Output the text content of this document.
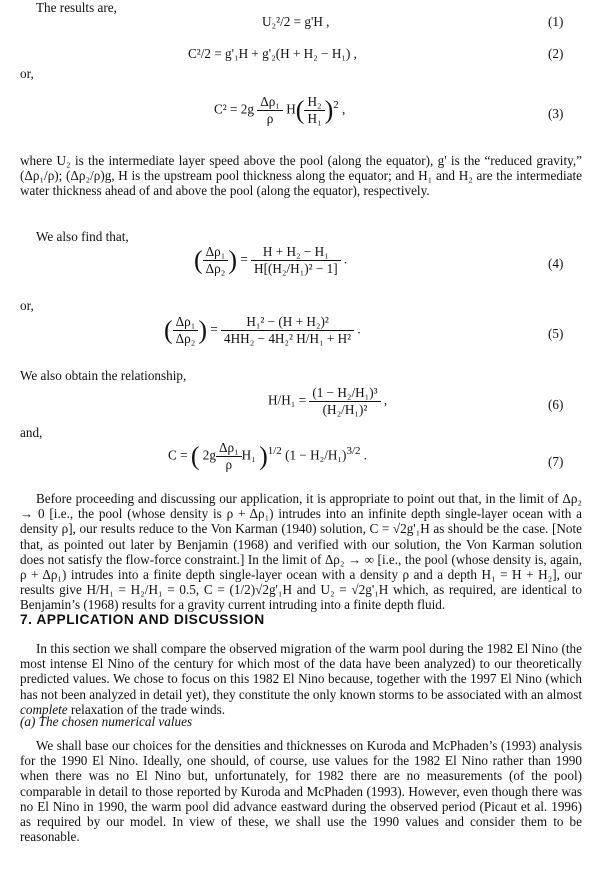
The results are,
U₂²/2 = g'H ,	(1)
C²/2 = g'₁H + g'₂(H + H₂ − H₁) ,	(2)
or,
$C^2 = 2g \frac{\text{Δρ₁}}{\rho} H( \frac{\text{H₂}}{\text{H₁}} )^2$ ,	(3)
where U₂ is the intermediate layer speed above the pool (along the equator), g' is the “reduced gravity,” (Δρ₁/ρ); (Δρ₂/ρ)g, H is the upstream pool thickness along the equator; and H₁ and H₂ are the intermediate water thickness ahead of and above the pool (along the equator), respectively.
We also find that,
( $\frac{\text{Δρ₁}}{\text{Δρ₂}}$ ) = $\frac{\text{H + H₂ − H₁}}{\text{H[(H₂/H₁)² − 1]}}$ .	(4)
or,
( $\frac{\text{Δρ₁}}{\text{Δρ₂}}$ ) = $\frac{\text{H₁² − (H + H₂)²}}{\text{4HH₂ − 4H₂² H/H₁ + H²}}$ .	(5)
We also obtain the relationship,
$H/H_1 = \frac{\text{(1 − H₂/H₁)³}}{\text{(H₂/H₁)²}}$ ,	(6)
and,
C = ( $2g \frac{\text{Δρ₁}}{\rho} H_1$ )$^{1/2}$ $(1 - H_2/H_1)^{3/2}$ .	(7)
Before proceeding and discussing our application, it is appropriate to point out that, in the limit of Δρ₂ → 0 [i.e., the pool (whose density is ρ + Δρ₁) intrudes into an infinite depth single-layer ocean with a density ρ], our results reduce to the Von Karman (1940) solution, C = √2g'₁H as should be the case. [Note that, as pointed out later by Benjamin (1968) and verified with our solution, the Von Karman solution does not satisfy the flow-force constraint.] In the limit of Δρ₂ → ∞ [i.e., the pool (whose density is, again, ρ + Δρ₁) intrudes into a finite depth single-layer ocean with a density ρ and a depth H₁ = H + H₂], our results give H/H₁ = H₂/H₁ = 0.5, C = (1/2)√2g'₁H and U₂ = √2g'₁H which, as required, are identical to Benjamin’s (1968) results for a gravity current intruding into a finite depth fluid.
7. APPLICATION AND DISCUSSION
In this section we shall compare the observed migration of the warm pool during the 1982 El Nino (the most intense El Nino of the century for which most of the data have been analyzed) to our theoretically predicted values. We chose to focus on this 1982 El Nino because, together with the 1997 El Nino (which has not been analyzed in detail yet), they constitute the only known storms to be associated with an almost complete relaxation of the trade winds.
(a) The chosen numerical values
We shall base our choices for the densities and thicknesses on Kuroda and McPhaden’s (1993) analysis for the 1990 El Nino. Ideally, one should, of course, use values for the 1982 El Nino rather than 1990 when there was no El Nino but, unfortunately, for 1982 there are no measurements (of the pool) comparable in detail to those reported by Kuroda and McPhaden (1993). However, even though there was no El Nino in 1990, the warm pool did advance eastward during the observed period (Picaut et al. 1996) as required by our model. In view of these, we shall use the 1990 values and consider them to be reasonable.
